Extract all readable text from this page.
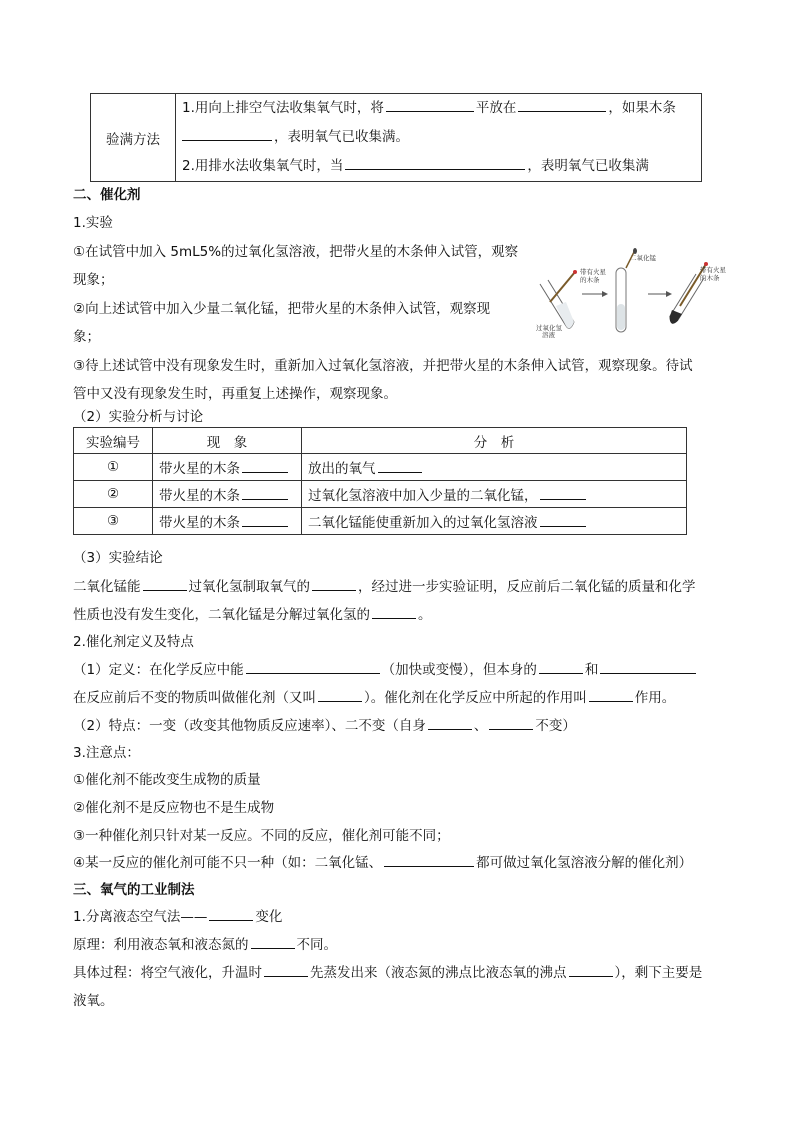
验满方法	
1.用向上排空气法收集氧气时，将	平放在	，如果木条
，表明氧气已收集满。
2.用排水法收集氧气时，当	，表明氧气已收集满
二、催化剂
1.实验
①在试管中加入 5mL5%的过氧化氢溶液，把带火星的木条伸入试管，观察
现象；
②向上述试管中加入少量二氧化锰，把带火星的木条伸入试管，观察现
象；
③待上述试管中没有现象发生时，重新加入过氧化氢溶液，并把带火星的木条伸入试管，观察现象。待试
管中又没有现象发生时，再重复上述操作，观察现象。
带有火星
的木条
过氧化氢
溶液
二氧化锰
带有火星
的木条
（2）实验分析与讨论
实验编号	现　象	分　析
①	带火星的木条	放出的氧气
②	带火星的木条	过氧化氢溶液中加入少量的二氧化锰，
③	带火星的木条	二氧化锰能使重新加入的过氧化氢溶液
（3）实验结论
二氧化锰能	过氧化氢制取氧气的	，经过进一步实验证明，反应前后二氧化锰的质量和化学
性质也没有发生变化，二氧化锰是分解过氧化氢的	。
2.催化剂定义及特点
（1）定义：在化学反应中能	（加快或变慢），但本身的	和
在反应前后不变的物质叫做催化剂（又叫	）。催化剂在化学反应中所起的作用叫	作用。
（2）特点：一变（改变其他物质反应速率）、二不变（自身	、	不变）
3.注意点：
①催化剂不能改变生成物的质量
②催化剂不是反应物也不是生成物
③一种催化剂只针对某一反应。不同的反应，催化剂可能不同；
④某一反应的催化剂可能不只一种（如：二氧化锰、	都可做过氧化氢溶液分解的催化剂）
三、氧气的工业制法
1.分离液态空气法——	变化
原理：利用液态氧和液态氮的	不同。
具体过程：将空气液化，升温时	先蒸发出来（液态氮的沸点比液态氧的沸点	），剩下主要是
液氧。
